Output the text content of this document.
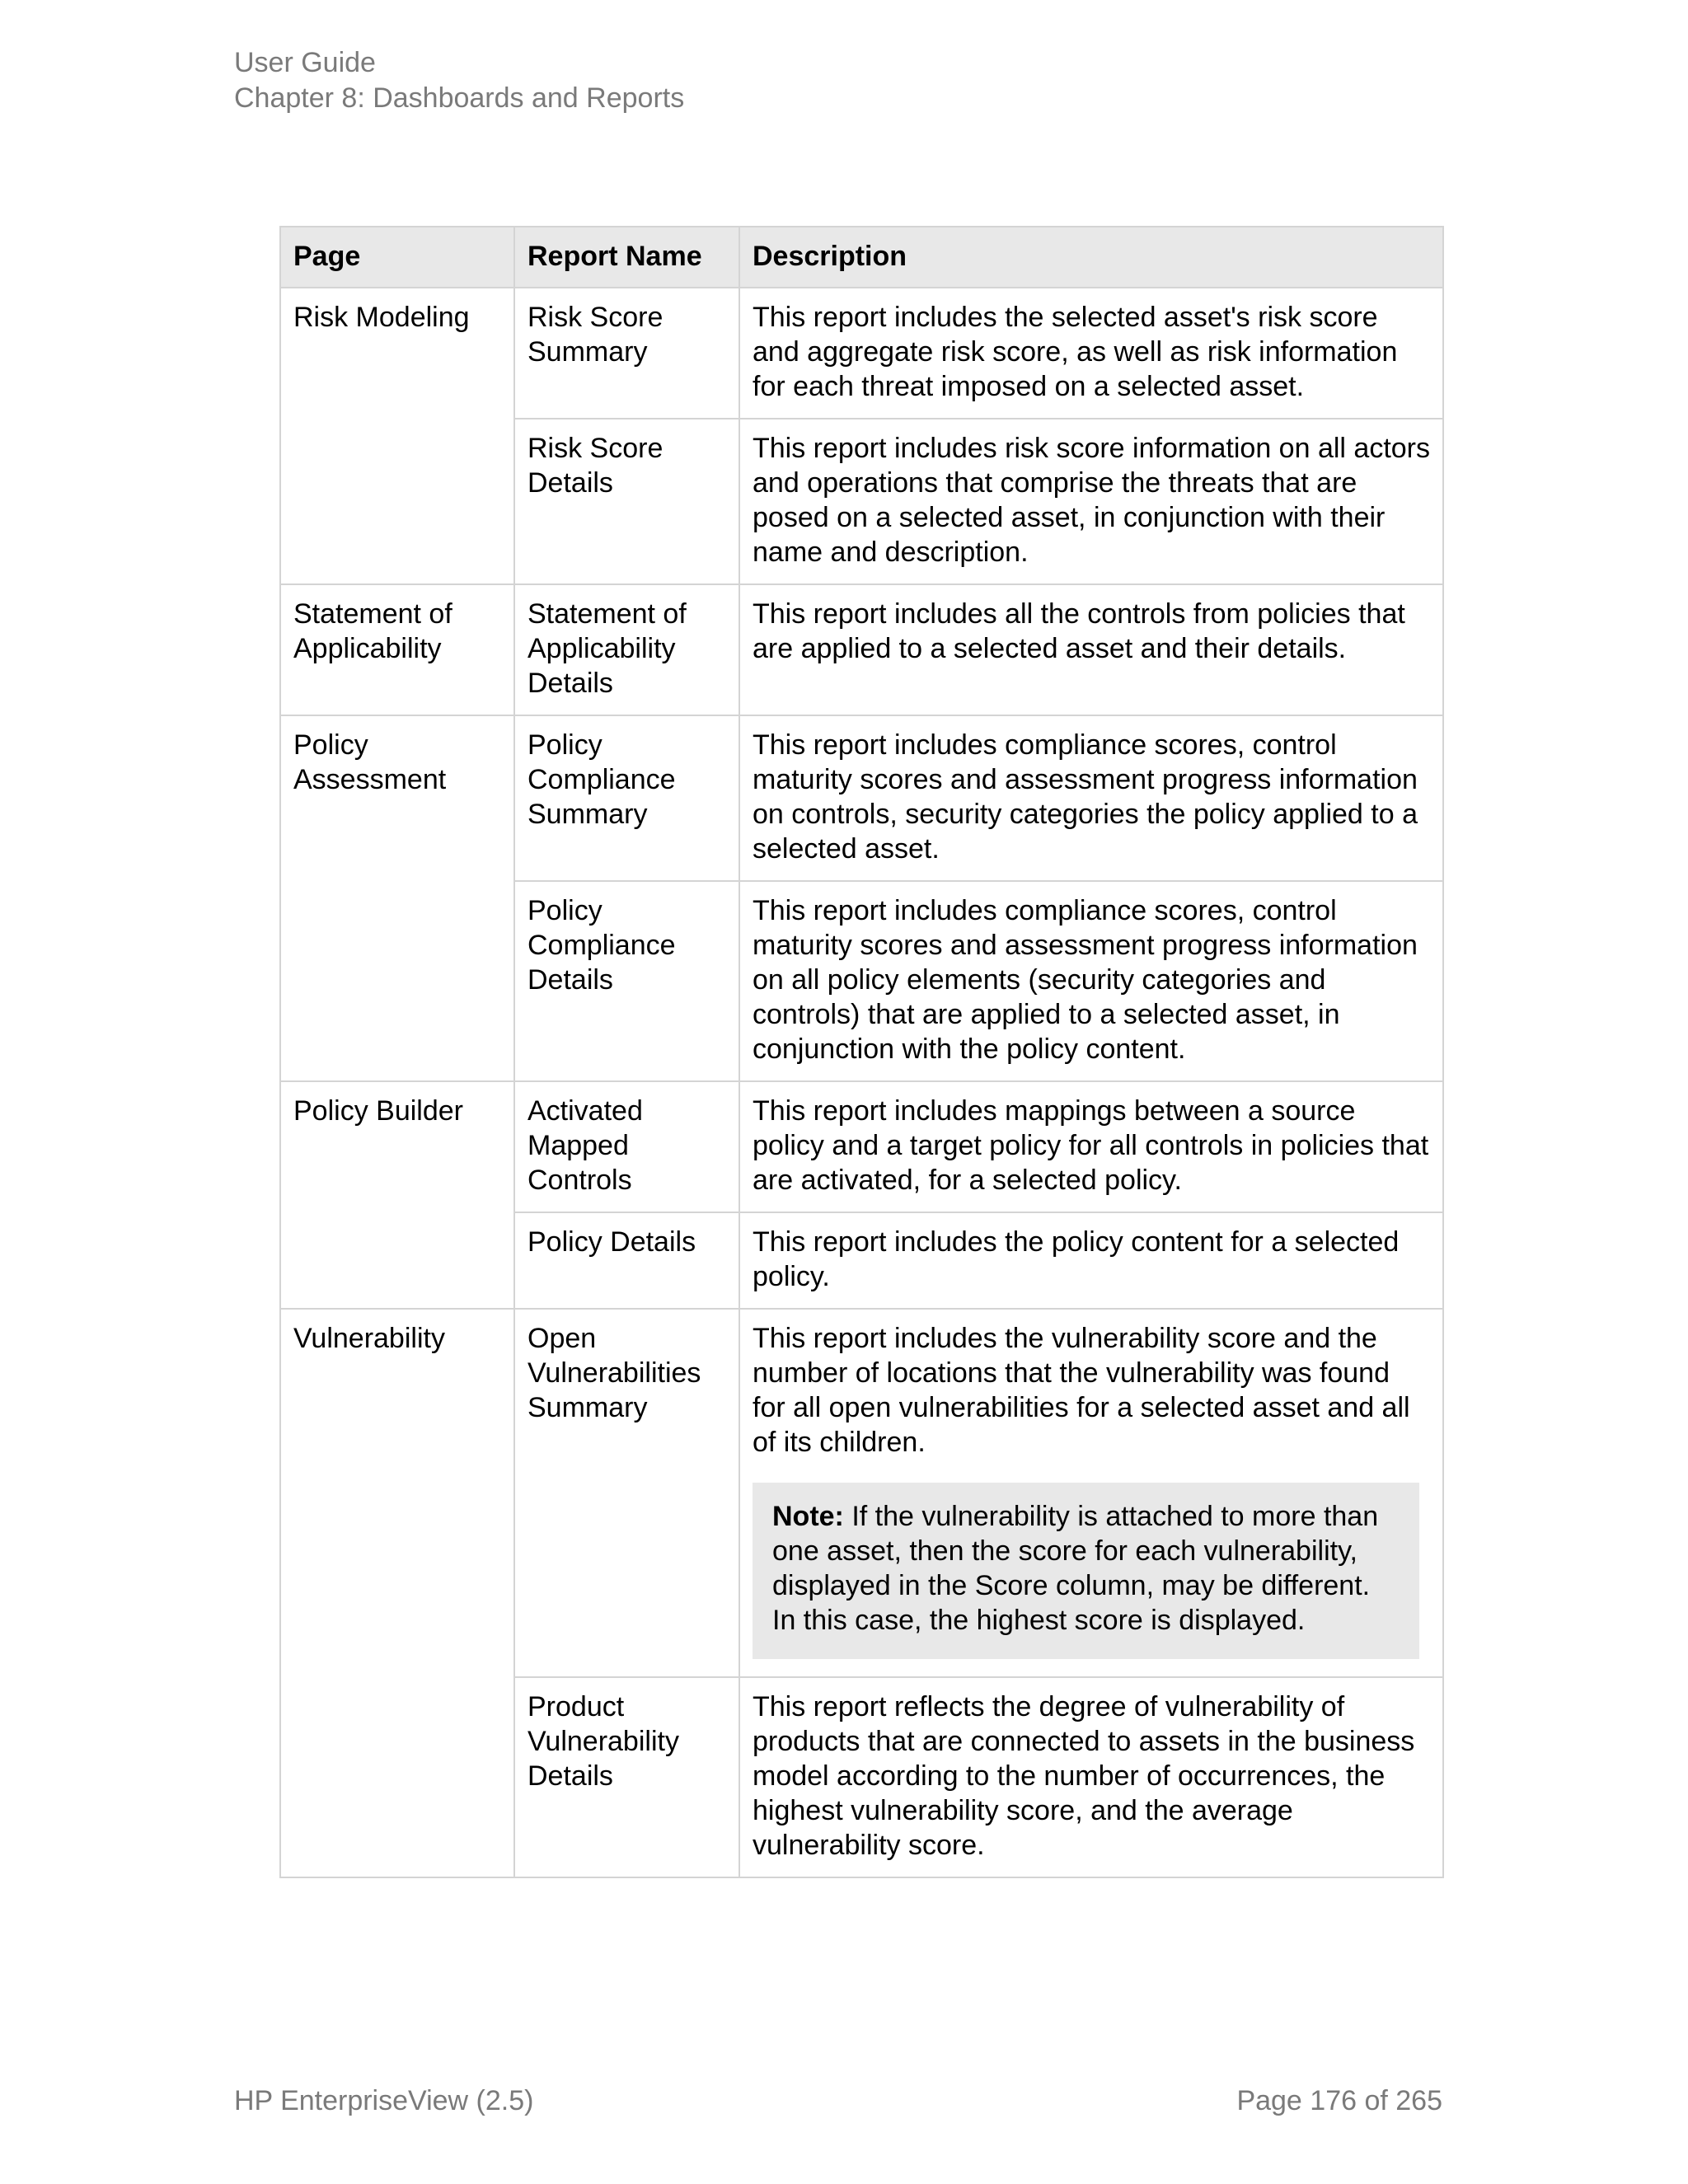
User Guide
Chapter 8: Dashboards and Reports
Page	Report Name	Description
Risk Modeling	Risk Score Summary	This report includes the selected asset's risk score and aggregate risk score, as well as risk information for each threat imposed on a selected asset.
	Risk Score Details	This report includes risk score information on all actors and operations that comprise the threats that are posed on a selected asset, in conjunction with their name and description.
Statement of Applicability	Statement of Applicability Details	This report includes all the controls from policies that are applied to a selected asset and their details.
Policy Assessment	Policy Compliance Summary	This report includes compliance scores, control maturity scores and assessment progress information on controls, security categories the policy applied to a selected asset.
	Policy Compliance Details	This report includes compliance scores, control maturity scores and assessment progress information on all policy elements (security categories and controls) that are applied to a selected asset, in conjunction with the policy content.
Policy Builder	Activated Mapped Controls	This report includes mappings between a source policy and a target policy for all controls in policies that are activated, for a selected policy.
	Policy Details	This report includes the policy content for a selected policy.
Vulnerability	Open Vulnerabilities Summary	This report includes the vulnerability score and the number of locations that the vulnerability was found for all open vulnerabilities for a selected asset and all of its children.
Note: If the vulnerability is attached to more than one asset, then the score for each vulnerability, displayed in the Score column, may be different. In this case, the highest score is displayed.

	Product Vulnerability Details	This report reflects the degree of vulnerability of products that are connected to assets in the business model according to the number of occurrences, the highest vulnerability score, and the average vulnerability score.
HP EnterpriseView (2.5)	Page 176 of 265
